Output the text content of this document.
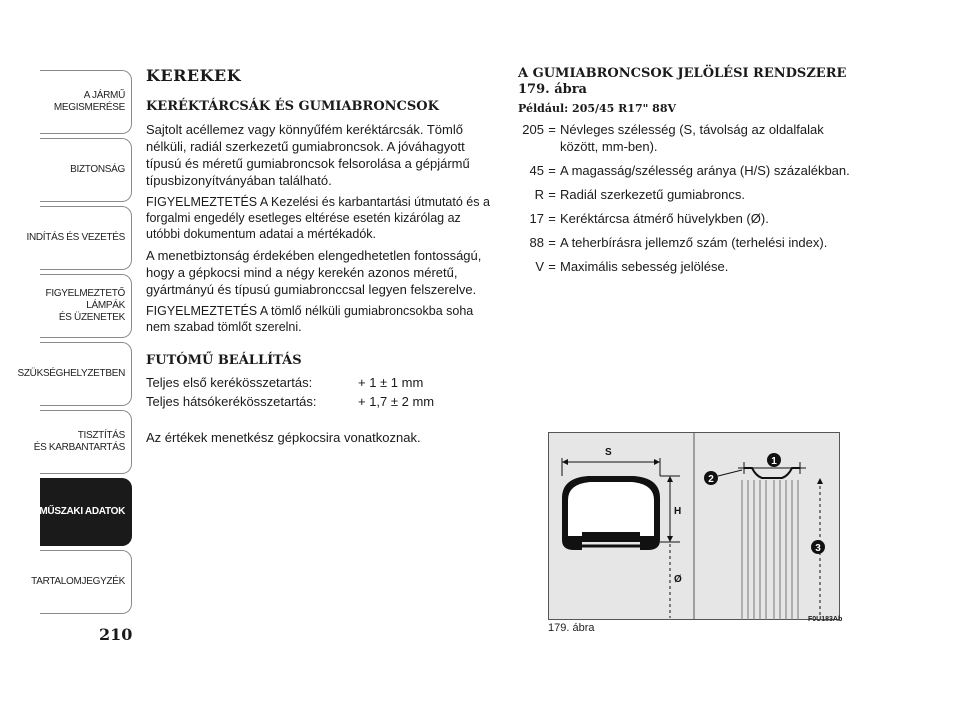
A JÁRMŰ
MEGISMERÉSE
BIZTONSÁG
INDÍTÁS ÉS VEZETÉS
FIGYELMEZTETŐ
LÁMPÁK
ÉS ÜZENETEK
SZÜKSÉGHELYZETBEN
TISZTÍTÁS
ÉS KARBANTARTÁS
MŰSZAKI ADATOK
TARTALOMJEGYZÉK
210
KEREKEK
KERÉKTÁRCSÁK ÉS GUMIABRONCSOK

Sajtolt acéllemez vagy könnyűfém keréktárcsák. Tömlő nélküli, radiál szerkezetű gumiabroncsok. A jóváhagyott típusú és méretű gumiabroncsok felsorolása a gépjármű típusbizonyítványában található.

FIGYELMEZTETÉS A Kezelési és karbantartási útmutató és a forgalmi engedély esetleges eltérése esetén kizárólag az utóbbi dokumentum adatai a mértékadók.

A menetbiztonság érdekében elengedhetetlen fontosságú, hogy a gépkocsi mind a négy kerekén azonos méretű, gyártmányú és típusú gumiabronccsal legyen felszerelve.

FIGYELMEZTETÉS A tömlő nélküli gumiabroncsokba soha nem szabad tömlőt szerelni.

FUTÓMŰ BEÁLLÍTÁS
Teljes első kerékösszetartás:	+ 1 ± 1 mm
Teljes hátsókerékösszetartás:	+ 1,7 ± 2 mm
Az értékek menetkész gépkocsira vonatkoznak.
A GUMIABRONCSOK JELÖLÉSI RENDSZERE 179. ábra
Például: 205/45 R17" 88V
205 = Névleges szélesség (S, távolság az oldalfalak között, mm-ben).
45 = A magasság/szélesség aránya (H/S) százalékban.
R = Radiál szerkezetű gumiabroncs.
17 = Keréktárcsa átmérő hüvelykben (Ø).
88 = A teherbírásra jellemző szám (terhelési index).
V = Maximális sebesség jelölése.
S
H
Ø
1
2
3
179. ábra
F0U183Ab
